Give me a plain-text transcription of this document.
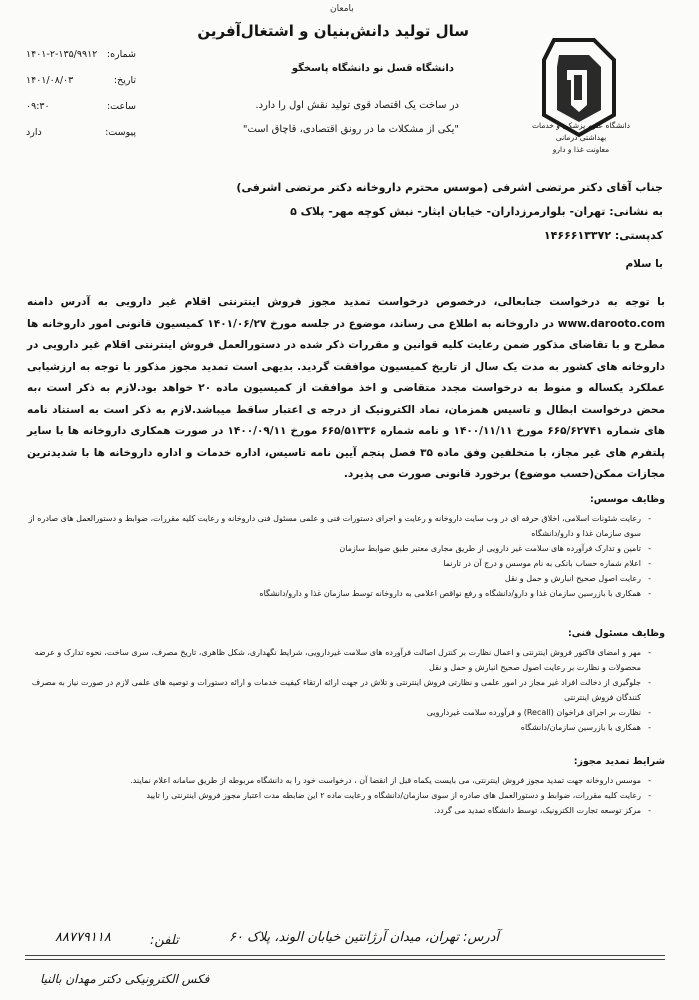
بامعان
سال تولید دانش‌بنیان و اشتغال‌آفرین
دانشگاه قسل نو دانشگاه پاسخگو
در ساخت یک اقتصاد قوی تولید نقش اول را دارد.
"یکی از مشکلات ما در رونق اقتصادی، قاچاق است"
شماره:
۱۴۰۱-۲-۱۳۵/۹۹۱۲
تاریخ:
۱۴۰۱/۰۸/۰۳
ساعت:
۰۹:۳۰
پیوست:
دارد
دانشگاه علوم پزشکی و خدمات بهداشتی درمانی
معاونت غذا و دارو
جناب آقای دکتر مرتضی اشرفی (موسس محترم داروخانه دکتر مرتضی اشرفی)
به نشانی: تهران- بلوارمرزداران- خیابان ایثار- نبش کوچه مهر- پلاک ۵
کدپستی: ۱۴۶۶۶۱۳۳۷۲
با سلام
با توجه به درخواست جنابعالی، درخصوص درخواست تمدید مجوز فروش اینترنتی اقلام غیر دارویی به آدرس دامنه www.darooto.com در داروخانه به اطلاع می رساند، موضوع در جلسه مورخ ۱۴۰۱/۰۶/۲۷ کمیسیون قانونی امور داروخانه ها مطرح و با تقاضای مذکور ضمن رعایت کلیه قوانین و مقررات ذکر شده در دستورالعمل فروش اینترنتی اقلام غیر دارویی در داروخانه های کشور به مدت یک سال از تاریخ کمیسیون موافقت گردید. بدیهی است تمدید مجوز مذکور با توجه به ارزشیابی عملکرد یکساله و منوط به درخواست مجدد متقاضی و اخذ موافقت از کمیسیون ماده ۲۰ خواهد بود.لازم به ذکر است ،به محض درخواست ابطال و تاسیس همزمان، نماد الکترونیک از درجه ی اعتبار ساقط میباشد.لازم به ذکر است به استناد نامه های شماره ۶۶۵/۶۲۷۴۱ مورخ ۱۴۰۰/۱۱/۱۱ و نامه شماره ۶۶۵/۵۱۳۳۶ مورخ ۱۴۰۰/۰۹/۱۱ در صورت همکاری داروخانه ها با سایر پلتفرم های غیر مجاز، با متخلفین وفق ماده ۳۵ فصل پنجم آیین نامه تاسیس، اداره خدمات و اداره داروخانه ها با شدیدترین مجازات ممکن(حسب موضوع) برخورد قانونی صورت می پذیرد.
وظایف موسس:
- رعایت شئونات اسلامی، اخلاق حرفه ای در وب سایت داروخانه و رعایت و اجرای دستورات فنی و علمی مسئول فنی داروخانه و رعایت کلیه مقررات، ضوابط و دستورالعمل های صادره از سوی سازمان غذا و دارو/دانشگاه
- تامین و تدارک فرآورده های سلامت غیر دارویی از طریق مجاری معتبر طبق ضوابط سازمان
- اعلام شماره حساب بانکی به نام موسس و درج آن در تارنما
- رعایت اصول صحیح انبارش و حمل و نقل
- همکاری با بازرسین سازمان غذا و دارو/دانشگاه و رفع نواقص اعلامی به داروخانه توسط سازمان غذا و دارو/دانشگاه
وظایف مسئول فنی:
- مهر و امضای فاکتور فروش اینترنتی و اعمال نظارت بر کنترل اصالت فرآورده های سلامت غیردارویی، شرایط نگهداری، شکل ظاهری، تاریخ مصرف، سری ساخت، نحوه تدارک و عرضه محصولات و نظارت بر رعایت اصول صحیح انبارش و حمل و نقل
- جلوگیری از دخالت افراد غیر مجاز در امور علمی و نظارتی فروش اینترنتی و تلاش در جهت ارائه ارتقاء کیفیت خدمات و ارائه دستورات و توصیه های علمی لازم در صورت نیاز به مصرف کنندگان فروش اینترنتی
- نظارت بر اجرای فراخوان (Recall) و فرآورده سلامت غیردارویی
- همکاری با بازرسین سازمان/دانشگاه
شرایط تمدید مجوز:
- موسس داروخانه جهت تمدید مجوز فروش اینترنتی، می بایست یکماه قبل از انقضا آن ، درخواست خود را به دانشگاه مربوطه از طریق سامانه اعلام نمایند.
- رعایت کلیه مقررات، ضوابط و دستورالعمل های صادره از سوی سازمان/دانشگاه و رعایت ماده ۲ این ضابطه مدت اعتبار مجوز فروش اینترنتی را تایید
- مرکز توسعه تجارت الکترونیک، توسط دانشگاه تمدید می گردد.
آدرس: تهران، میدان آرژانتین خیابان الوند، پلاک ۶۰
تلفن:
۸۸۷۷۹۱۱۸
فکس الکترونیکی دکتر مهدان بالنیا
